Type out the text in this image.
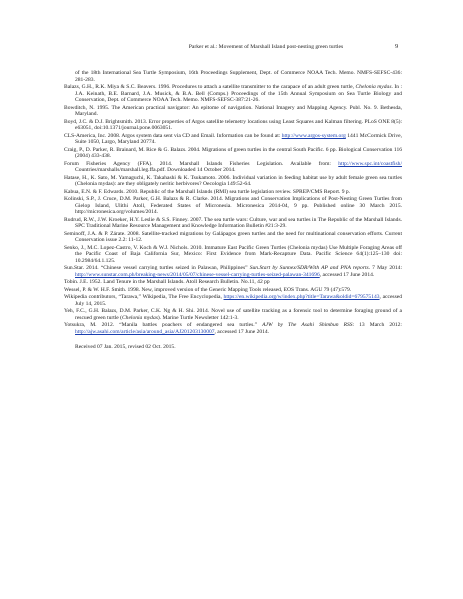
Parker et al.: Movement of Marshall Island post-nesting green turtles	9
of the 18th International Sea Turtle Symposium, 16th Proceedings Supplement, Dept. of Commerce NOAA Tech. Memo. NMFS-SEFSC-436: 281-283.
Balazs, G.H., R.K. Miya & S.C. Beavers. 1996. Procedures to attach a satellite transmitter to the carapace of an adult green turtle, Chelonia mydas. In : J.A. Keinath, B.E. Barnard, J.A. Musick, & B.A. Bell (Comps.) Proceedings of the 15th Annual Symposium on Sea Turtle Biology and Conservation, Dept. of Commerce NOAA Tech. Memo. NMFS-SEFSC-387:21-26.
Bowditch, N. 1995. The American practical navigator: An epitome of navigation. National Imagery and Mapping Agency. Publ. No. 9. Bethesda, Maryland.
Boyd, J.C. & D.J. Brightsmith. 2013. Error properties of Argos satellite telemetry locations using Least Squares and Kalman filtering. PLoS ONE 8(5): e63051, doi:10.1371/journal.pone.0063051.
CLS-America, Inc. 2008. Argos system data sent via CD and Email. Information can be found at: http://www.argos-system.org 1441 McCormick Drive, Suite 1050, Largo, Maryland 20774.
Craig, P., D. Parker, R. Brainard, M. Rice & G. Balazs. 2004. Migrations of green turtles in the central South Pacific. 6 pp. Biological Conservation 116 (2004) 433-438.
Forum Fisheries Agency (FFA). 2014. Marshall Islands Fisheries Legislation. Available from: http://www.spc.int/coastfish/ Countries/marshalls/marshall.leg.ffa.pdf. Downloaded 14 October 2014.
Hatase, H., K. Sato, M. Yamaguchi, K. Takahashi & K. Tsukamoto. 2006. Individual variation in feeding habitat use by adult female green sea turtles (Chelonia mydas): are they obligately neritic herbivores? Oecologia 149:52-64.
Kabua, E.N. & F. Edwards. 2010. Republic of the Marshall Islands (RMI) sea turtle legislation review. SPREP/CMS Report. 9 p.
Kolinski, S.P., J. Cruce, D.M. Parker, G.H. Balazs & R. Clarke. 2014. Migrations and Conservation Implications of Post-Nesting Green Turtles from Gielop Island, Ulithi Atoll, Federated States of Micronesia. Micronesica 2014-04, 9 pp. Published online 30 March 2015. http://micronesica.org/volumes/2014.
Rudrud, R.W., J.W. Kroeker, H.Y. Leslie & S.S. Finney. 2007. The sea turtle wars: Culture, war and sea turtles in The Republic of the Marshall Islands. SPC Traditional Marine Resource Management and Knowledge Information Bulletin #21:3-29.
Seminoff, J.A. & P. Zárate. 2008. Satellite-tracked migrations by Galápagos green turtles and the need for multinational conservation efforts. Current Conservation issue 2.2: 11-12.
Senko, J., M.C. Lopez-Castro, V. Koch & W.J. Nichols. 2010. Immature East Pacific Green Turtles (Chelonia mydas) Use Multiple Foraging Areas off the Pacific Coast of Baja California Sur, Mexico: First Evidence from Mark-Recapture Data. Pacific Science 64(1):125–130 doi: 10.2984/64.1.125.
Sun.Star. 2014. “Chinese vessel carrying turtles seized in Palawan, Philippines” Sun.Start by Sunnex/SDR/With AP and PNA reports. 7 May 2014: http://www.sunstar.com.ph/breaking-news/2014/05/07/chinese-vessel-carrying-turtles-seized-palawan-341696, accessed 17 June 2014.
Tobin. J.E. 1952. Land Tenure in the Marshall Islands. Atoll Research Bulletin. No.11, 42 pp
Wessel, P. & W. H.F. Smith. 1998. New, improved version of the Generic Mapping Tools released, EOS Trans. AGU 79 (47):579.
Wikipedia contributors, “Tarawa,” Wikipedia, The Free Encyclopedia, https://en.wikipedia.org/w/index.php?title=Tarawa&oldid=679575143, accessed July 14, 2015.
Yeh, F.C., G.H. Balazs, D.M. Parker, C.K. Ng & H. Shi. 2014. Novel use of satellite tracking as a forensic tool to determine foraging ground of a rescued green turtle (Chelonia mydas). Marine Turtle Newsletter 142:1-3.
Yotsukra, M. 2012. “Manila battles poachers of endangered sea turtles.” AJW by The Asahi Shimbun RSS: 13 March 2012: http://ajw.asahi.com/article/asia/around_asia/AJ201203130007, accessed 17 June 2014.
Received 07 Jan. 2015, revised 02 Oct. 2015.
